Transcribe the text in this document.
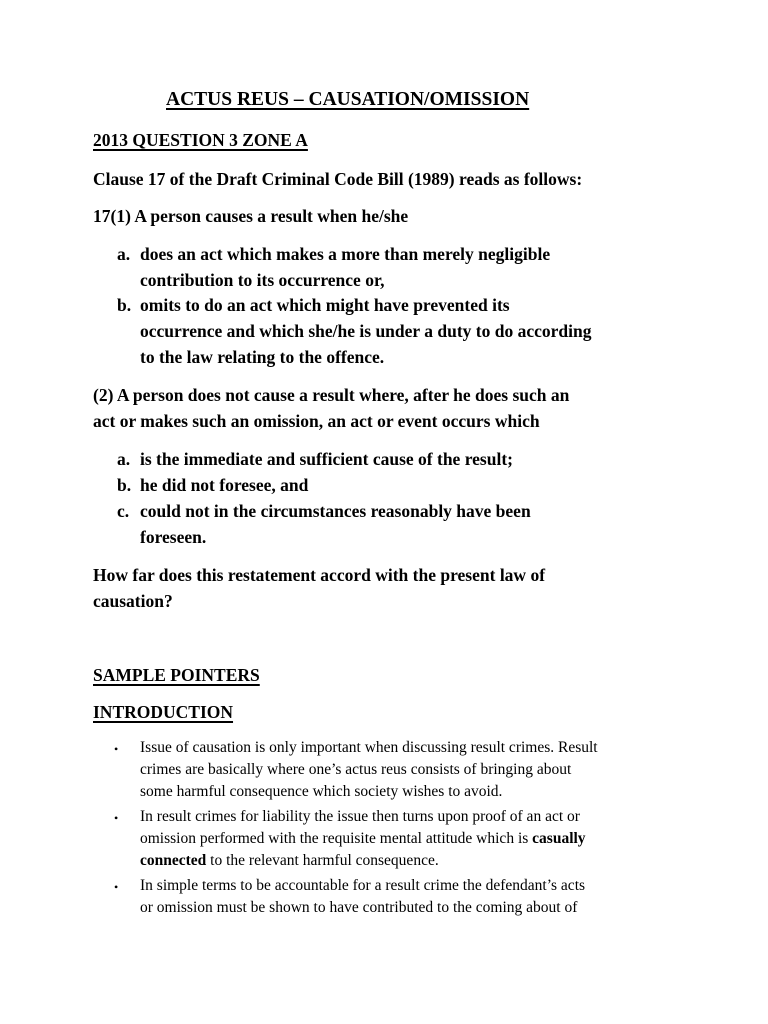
ACTUS REUS – CAUSATION/OMISSION
2013 QUESTION 3 ZONE A
Clause 17 of the Draft Criminal Code Bill (1989) reads as follows:
17(1) A person causes a result when he/she
a. does an act which makes a more than merely negligible
contribution to its occurrence or,
b. omits to do an act which might have prevented its
occurrence and which she/he is under a duty to do according
to the law relating to the offence.
(2) A person does not cause a result where, after he does such an
act or makes such an omission, an act or event occurs which
a. is the immediate and sufficient cause of the result;
b. he did not foresee, and
c. could not in the circumstances reasonably have been
foreseen.
How far does this restatement accord with the present law of
causation?
SAMPLE POINTERS
INTRODUCTION
• Issue of causation is only important when discussing result crimes. Result
crimes are basically where one’s actus reus consists of bringing about
some harmful consequence which society wishes to avoid.
• In result crimes for liability the issue then turns upon proof of an act or
omission performed with the requisite mental attitude which is casually
connected to the relevant harmful consequence.
• In simple terms to be accountable for a result crime the defendant’s acts
or omission must be shown to have contributed to the coming about of
